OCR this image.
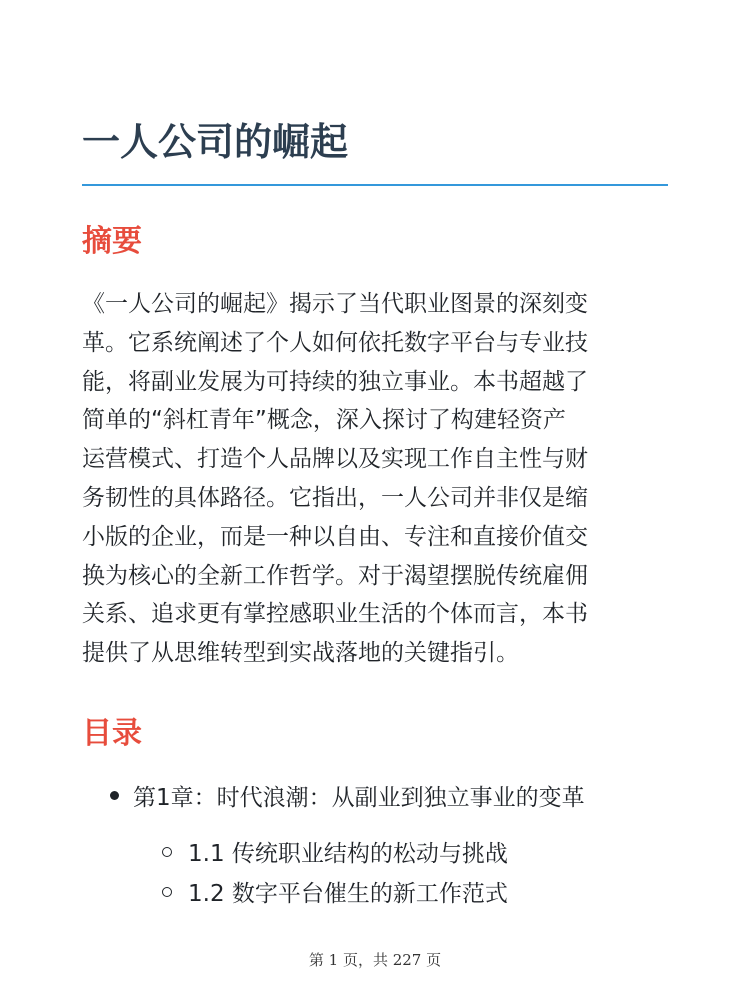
一人公司的崛起
摘要
《一人公司的崛起》揭示了当代职业图景的深刻变
革。它系统阐述了个人如何依托数字平台与专业技
能，将副业发展为可持续的独立事业。本书超越了
简单的“斜杠青年”概念，深入探讨了构建轻资产
运营模式、打造个人品牌以及实现工作自主性与财
务韧性的具体路径。它指出，一人公司并非仅是缩
小版的企业，而是一种以自由、专注和直接价值交
换为核心的全新工作哲学。对于渴望摆脱传统雇佣
关系、追求更有掌控感职业生活的个体而言，本书
提供了从思维转型到实战落地的关键指引。
目录
第1章：时代浪潮：从副业到独立事业的变革
1.1 传统职业结构的松动与挑战
1.2 数字平台催生的新工作范式
第 1 页，共 227 页
